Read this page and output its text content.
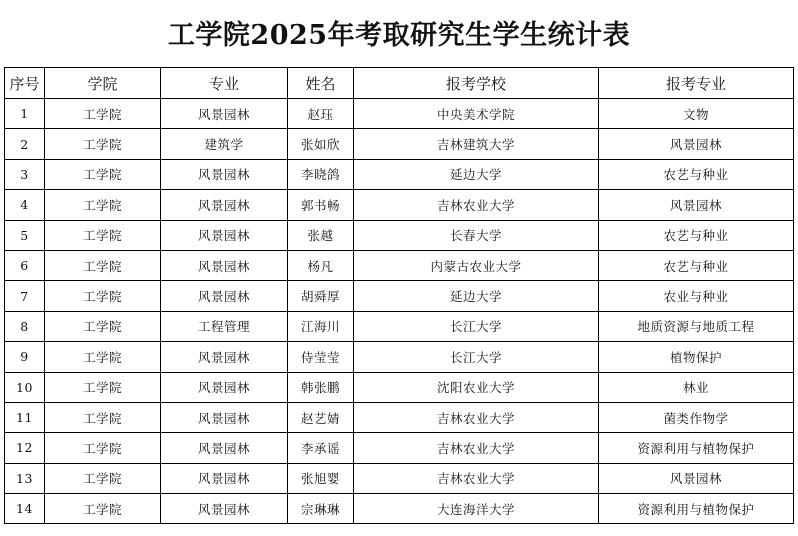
工学院2025年考取研究生学生统计表
序号	学院	专业	姓名	报考学校	报考专业
1	工学院	风景园林	赵珏	中央美术学院	文物
2	工学院	建筑学	张如欣	吉林建筑大学	风景园林
3	工学院	风景园林	李晓鸽	延边大学	农艺与种业
4	工学院	风景园林	郭书畅	吉林农业大学	风景园林
5	工学院	风景园林	张越	长春大学	农艺与种业
6	工学院	风景园林	杨凡	内蒙古农业大学	农艺与种业
7	工学院	风景园林	胡舜厚	延边大学	农业与种业
8	工学院	工程管理	江海川	长江大学	地质资源与地质工程
9	工学院	风景园林	侍莹莹	长江大学	植物保护
10	工学院	风景园林	韩张鹏	沈阳农业大学	林业
11	工学院	风景园林	赵艺婧	吉林农业大学	菌类作物学
12	工学院	风景园林	李承谣	吉林农业大学	资源利用与植物保护
13	工学院	风景园林	张旭婴	吉林农业大学	风景园林
14	工学院	风景园林	宗琳琳	大连海洋大学	资源利用与植物保护
